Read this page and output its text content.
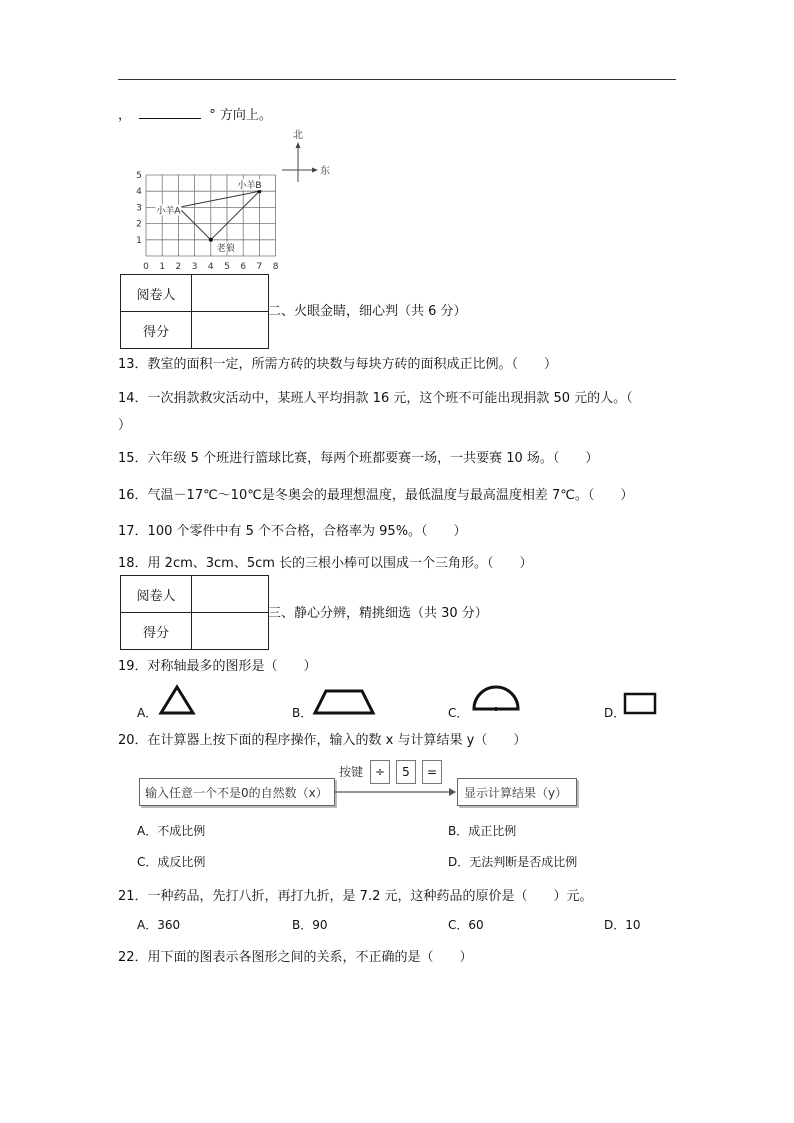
，	° 方向上。
0 1 2 3 4 5 6 7 8
1
2
3
4
5
小羊A
小羊B
老狼
北
东
阅卷人	
得分	
二、火眼金睛，细心判（共 6 分）
13．教室的面积一定，所需方砖的块数与每块方砖的面积成正比例。（　　）
14．一次捐款救灾活动中，某班人平均捐款 16 元，这个班不可能出现捐款 50 元的人。（
）
15．六年级 5 个班进行篮球比赛，每两个班都要赛一场，一共要赛 10 场。（　　）
16．气温－17℃～10℃是冬奥会的最理想温度，最低温度与最高温度相差 7℃。（　　）
17．100 个零件中有 5 个不合格，合格率为 95%。（　　）
18．用 2cm、3cm、5cm 长的三根小棒可以围成一个三角形。（　　）
阅卷人	
得分	
三、静心分辨，精挑细选（共 30 分）
19．对称轴最多的图形是（　　）
A．	B．	C．	D．
20．在计算器上按下面的程序操作，输入的数 x 与计算结果 y（　　）
输入任意一个不是0的自然数（x）
按键 ÷	5	=
显示计算结果（y）
A．不成比例	B．成正比例
C．成反比例	D．无法判断是否成比例
21．一种药品，先打八折，再打九折，是 7.2 元，这种药品的原价是（　　）元。
A．360	B．90	C．60	D．10
22．用下面的图表示各图形之间的关系，不正确的是（　　）
